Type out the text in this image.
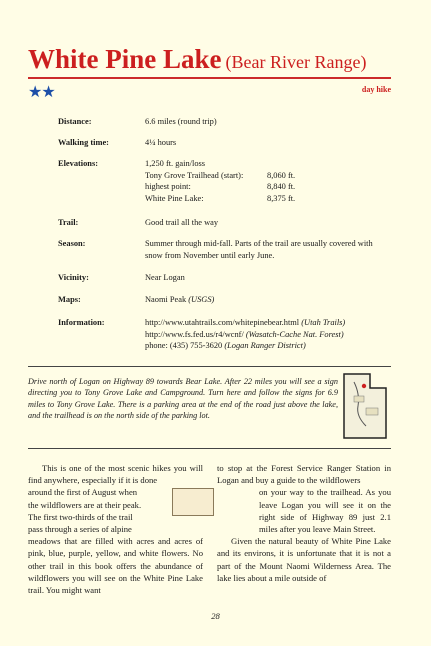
White Pine Lake (Bear River Range)
★★	day hike
Distance:	6.6 miles (round trip)
Walking time:	4¼ hours
Elevations:	1,250 ft. gain/loss
Tony Grove Trailhead (start):	8,060 ft.
highest point:	8,840 ft.
White Pine Lake:	8,375 ft.
Trail:	Good trail all the way
Season:	Summer through mid-fall. Parts of the trail are usually covered with snow from November until early June.
Vicinity:	Near Logan
Maps:	Naomi Peak (USGS)
Information:	http://www.utahtrails.com/whitepinebear.html (Utah Trails)
http://www.fs.fed.us/r4/wcnf/ (Wasatch-Cache Nat. Forest)
phone: (435) 755-3620 (Logan Ranger District)
Drive north of Logan on Highway 89 towards Bear Lake. After 22 miles you will see a sign directing you to Tony Grove Lake and Campground. Turn here and follow the signs for 6.9 miles to Tony Grove Lake. There is a parking area at the end of the road just above the lake, and the trailhead is on the north side of the parking lot.

This is one of the most scenic hikes you will find anywhere, especially if it is done

around the first of August when
the wildflowers are at their peak.
The first two-thirds of the trail
pass through a series of alpine

meadows that are filled with acres and acres of pink, blue, purple, yellow, and white flowers. No other trail in this book offers the abundance of wildflowers you will see on the White Pine Lake trail. You might want

to stop at the Forest Service Ranger Station in Logan and buy a guide to the wildflowers

on your way to the trailhead. As you leave Logan you will see it on the right side of Highway 89 just 2.1 miles after you leave Main Street.

Given the natural beauty of White Pine Lake and its environs, it is unfortunate that it is not a part of the Mount Naomi Wilderness Area. The lake lies about a mile outside of

28
